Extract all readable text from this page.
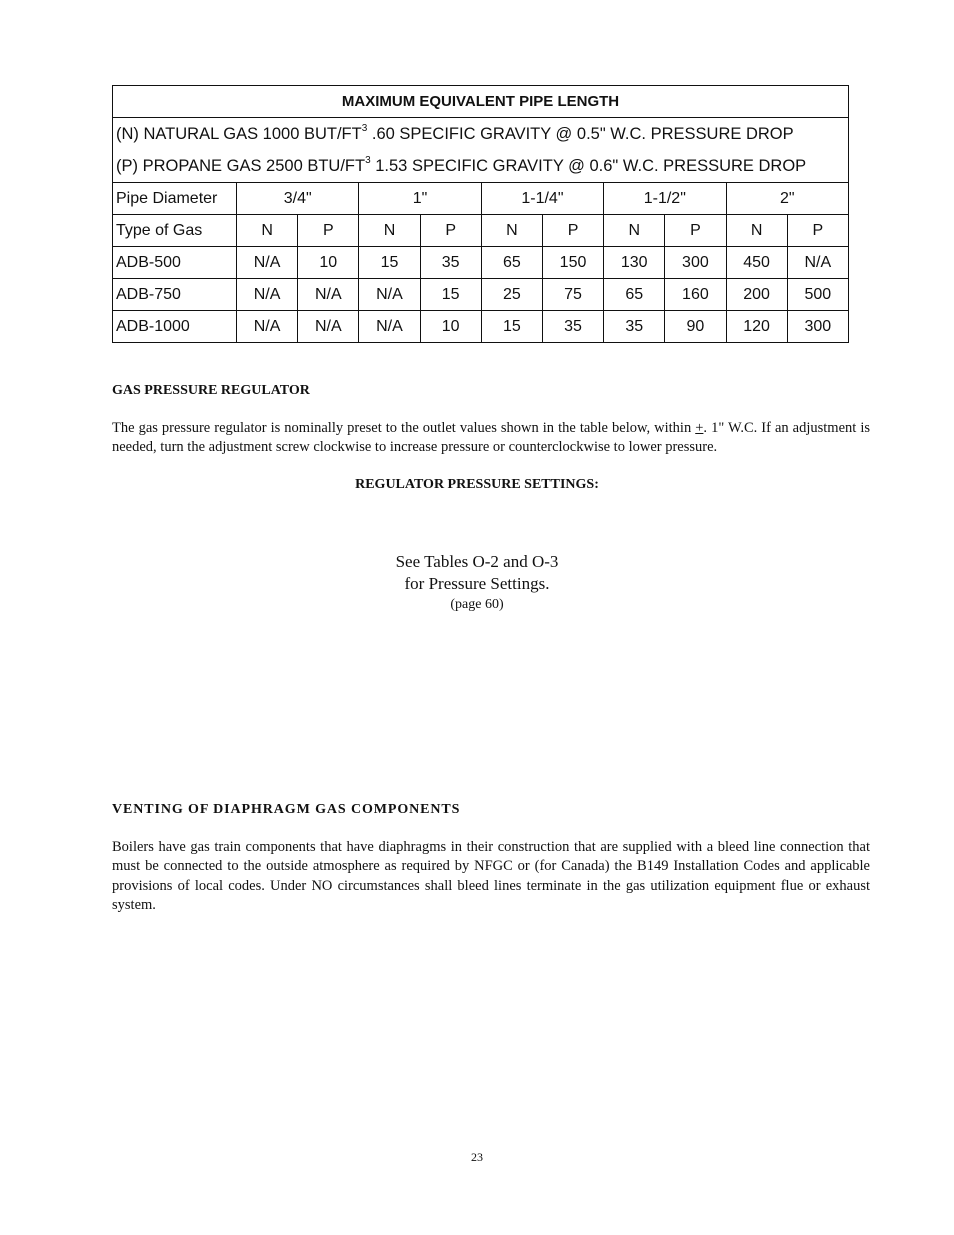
MAXIMUM EQUIVALENT PIPE LENGTH										

(N) NATURAL GAS 1000 BUT/$FT^3$ .60 SPECIFIC GRAVITY @ 0.5" W.C. PRESSURE DROP
(P) PROPANE GAS 2500 BTU/$FT^3$ 1.53 SPECIFIC GRAVITY @ 0.6" W.C. PRESSURE DROP										

Pipe Diameter	3/4"		1"		1-1/4"		1-1/2"		2"	
Type of Gas	N	P	N	P	N	P	N	P	N	P
ADB-500	N/A	10	15	35	65	150	130	300	450	N/A
ADB-750	N/A	N/A	N/A	15	25	75	65	160	200	500
ADB-1000	N/A	N/A	N/A	10	15	35	35	90	120	300
GAS PRESSURE REGULATOR

The gas pressure regulator is nominally preset to the outlet values shown in the table below, within +. 1" W.C. If an adjustment is needed, turn the adjustment screw clockwise to increase pressure or counterclockwise to lower pressure.

REGULATOR PRESSURE SETTINGS:
See Tables O-2 and O-3
for Pressure Settings.
(page 60)
VENTING OF DIAPHRAGM GAS COMPONENTS

Boilers have gas train components that have diaphragms in their construction that are supplied with a bleed line connection that must be connected to the outside atmosphere as required by NFGC or (for Canada) the B149 Installation Codes and applicable provisions of local codes. Under NO circumstances shall bleed lines terminate in the gas utilization equipment flue or exhaust system.

23
